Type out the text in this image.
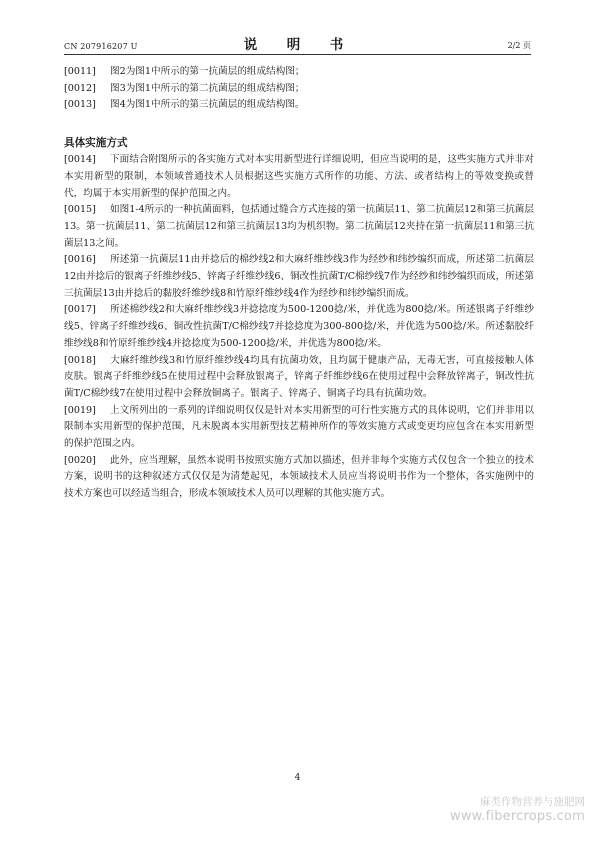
CN 207916207 U	说　明　书	2/2 页
[0011]	图2为图1中所示的第一抗菌层的组成结构图；
[0012]	图3为图1中所示的第二抗菌层的组成结构图；
[0013]	图4为图1中所示的第三抗菌层的组成结构图。
具体实施方式
[0014] 下面结合附图所示的各实施方式对本实用新型进行详细说明，但应当说明的是，这些实施方式并非对本实用新型的限制，本领域普通技术人员根据这些实施方式所作的功能、方法、或者结构上的等效变换或替代，均属于本实用新型的保护范围之内。
[0015] 如图1-4所示的一种抗菌面料，包括通过缝合方式连接的第一抗菌层11、第二抗菌层12和第三抗菌层13。第一抗菌层11、第二抗菌层12和第三抗菌层13均为机织物。第二抗菌层12夹持在第一抗菌层11和第三抗菌层13之间。
[0016] 所述第一抗菌层11由并捻后的棉纱线2和大麻纤维纱线3作为经纱和纬纱编织而成，所述第二抗菌层12由并捻后的银离子纤维纱线5、锌离子纤维纱线6、铜改性抗菌T/C棉纱线7作为经纱和纬纱编织而成，所述第三抗菌层13由并捻后的黏胶纤维纱线8和竹原纤维纱线4作为经纱和纬纱编织而成。
[0017] 所述棉纱线2和大麻纤维纱线3并捻捻度为500-1200捻/米，并优选为800捻/米。所述银离子纤维纱线5、锌离子纤维纱线6、铜改性抗菌T/C棉纱线7并捻捻度为300-800捻/米，并优选为500捻/米。所述黏胶纤维纱线8和竹原纤维纱线4并捻捻度为500-1200捻/米，并优选为800捻/米。
[0018] 大麻纤维纱线3和竹原纤维纱线4均具有抗菌功效，且均属于健康产品，无毒无害，可直接接触人体皮肤。银离子纤维纱线5在使用过程中会释放银离子，锌离子纤维纱线6在使用过程中会释放锌离子，铜改性抗菌T/C棉纱线7在使用过程中会释放铜离子。银离子、锌离子、铜离子均具有抗菌功效。
[0019] 上文所列出的一系列的详细说明仅仅是针对本实用新型的可行性实施方式的具体说明，它们并非用以限制本实用新型的保护范围，凡未脱离本实用新型技艺精神所作的等效实施方式或变更均应包含在本实用新型的保护范围之内。
[0020] 此外，应当理解，虽然本说明书按照实施方式加以描述，但并非每个实施方式仅包含一个独立的技术方案，说明书的这种叙述方式仅仅是为清楚起见，本领域技术人员应当将说明书作为一个整体，各实施例中的技术方案也可以经适当组合，形成本领域技术人员可以理解的其他实施方式。
4
麻类作物营养与施肥网
www.fibercrops.com
